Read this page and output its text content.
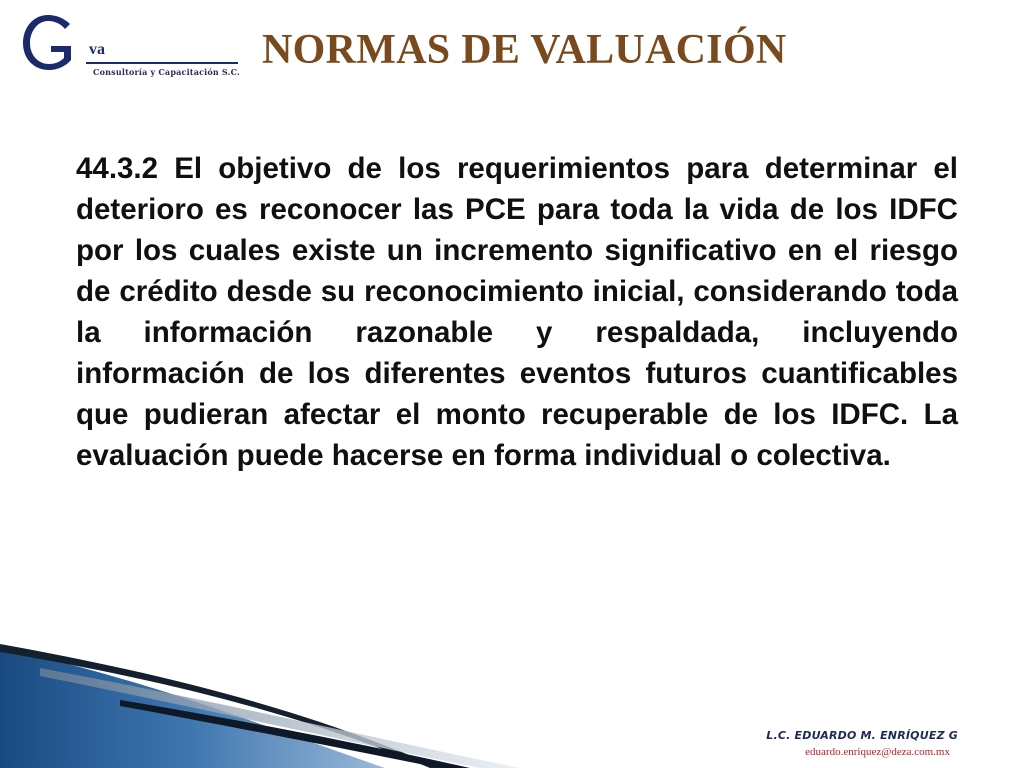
va
Consultoría y Capacitación S.C. NORMAS DE VALUACIÓN

44.3.2 El objetivo de los requerimientos para determinar el deterioro es reconocer las PCE para toda la vida de los IDFC por los cuales existe un incremento significativo en el riesgo de crédito desde su reconocimiento inicial, considerando toda la información razonable y respaldada, incluyendo información de los diferentes eventos futuros cuantificables que pudieran afectar el monto recuperable de los IDFC. La evaluación puede hacerse en forma individual o colectiva.

L.C. EDUARDO M. ENRÍQUEZ G
eduardo.enriquez@deza.com.mx
